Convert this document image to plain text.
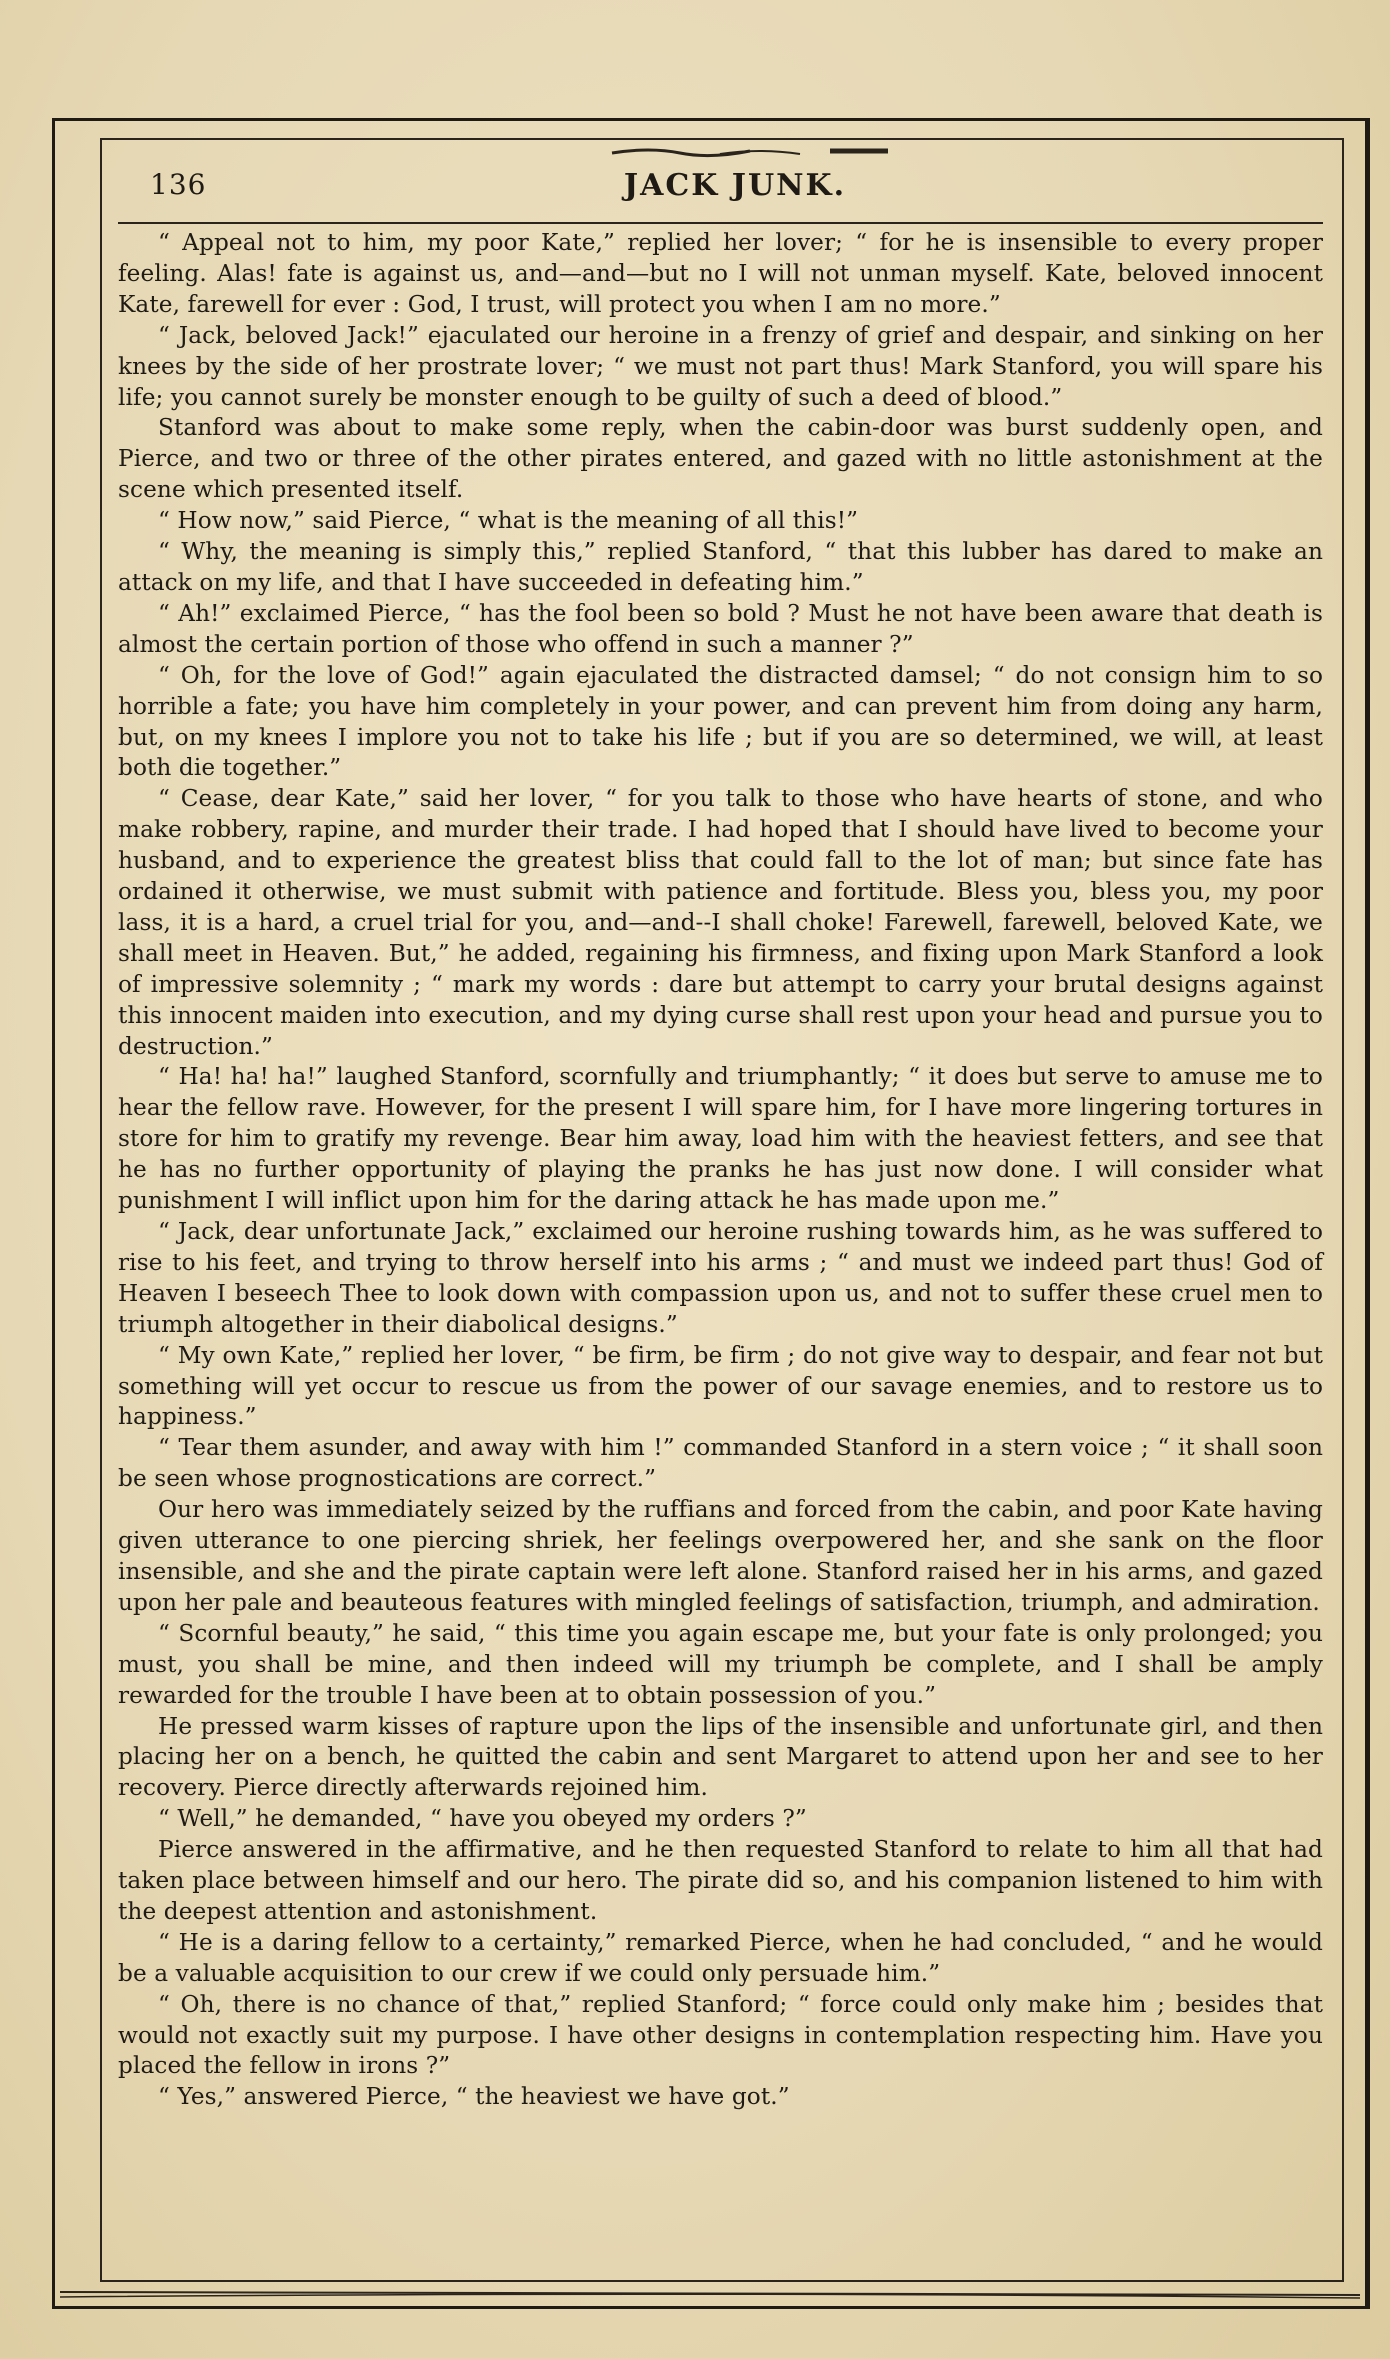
136	JACK JUNK.

“ Appeal not to him, my poor Kate,” replied her lover; “ for he is insensible to every proper feeling. Alas! fate is against us, and—and—but no I will not unman myself. Kate, beloved innocent Kate, farewell for ever : God, I trust, will protect you when I am no more.”

“ Jack, beloved Jack!” ejaculated our heroine in a frenzy of grief and despair, and sinking on her knees by the side of her prostrate lover; “ we must not part thus! Mark Stanford, you will spare his life; you cannot surely be monster enough to be guilty of such a deed of blood.”

Stanford was about to make some reply, when the cabin-door was burst suddenly open, and Pierce, and two or three of the other pirates entered, and gazed with no little astonishment at the scene which presented itself.

“ How now,” said Pierce, “ what is the meaning of all this!”

“ Why, the meaning is simply this,” replied Stanford, “ that this lubber has dared to make an attack on my life, and that I have succeeded in defeating him.”

“ Ah!” exclaimed Pierce, “ has the fool been so bold ? Must he not have been aware that death is almost the certain portion of those who offend in such a manner ?”

“ Oh, for the love of God!” again ejaculated the distracted damsel; “ do not consign him to so horrible a fate; you have him completely in your power, and can prevent him from doing any harm, but, on my knees I implore you not to take his life ; but if you are so determined, we will, at least both die together.”

“ Cease, dear Kate,” said her lover, “ for you talk to those who have hearts of stone, and who make robbery, rapine, and murder their trade. I had hoped that I should have lived to become your husband, and to experience the greatest bliss that could fall to the lot of man; but since fate has ordained it otherwise, we must submit with patience and fortitude. Bless you, bless you, my poor lass, it is a hard, a cruel trial for you, and—and--I shall choke! Farewell, farewell, beloved Kate, we shall meet in Heaven. But,” he added, regaining his firmness, and fixing upon Mark Stanford a look of impressive solemnity ; “ mark my words : dare but attempt to carry your brutal designs against this innocent maiden into execution, and my dying curse shall rest upon your head and pursue you to destruction.”

“ Ha! ha! ha!” laughed Stanford, scornfully and triumphantly; “ it does but serve to amuse me to hear the fellow rave. However, for the present I will spare him, for I have more lingering tortures in store for him to gratify my revenge. Bear him away, load him with the heaviest fetters, and see that he has no further opportunity of playing the pranks he has just now done. I will consider what punishment I will inflict upon him for the daring attack he has made upon me.”

“ Jack, dear unfortunate Jack,” exclaimed our heroine rushing towards him, as he was suffered to rise to his feet, and trying to throw herself into his arms ; “ and must we indeed part thus! God of Heaven I beseech Thee to look down with compassion upon us, and not to suffer these cruel men to triumph altogether in their diabolical designs.”

“ My own Kate,” replied her lover, “ be firm, be firm ; do not give way to despair, and fear not but something will yet occur to rescue us from the power of our savage enemies, and to restore us to happiness.”

“ Tear them asunder, and away with him !” commanded Stanford in a stern voice ; “ it shall soon be seen whose prognostications are correct.”

Our hero was immediately seized by the ruffians and forced from the cabin, and poor Kate having given utterance to one piercing shriek, her feelings overpowered her, and she sank on the floor insensible, and she and the pirate captain were left alone. Stanford raised her in his arms, and gazed upon her pale and beauteous features with mingled feelings of satisfaction, triumph, and admiration.

“ Scornful beauty,” he said, “ this time you again escape me, but your fate is only prolonged; you must, you shall be mine, and then indeed will my triumph be complete, and I shall be amply rewarded for the trouble I have been at to obtain possession of you.”

He pressed warm kisses of rapture upon the lips of the insensible and unfortunate girl, and then placing her on a bench, he quitted the cabin and sent Margaret to attend upon her and see to her recovery. Pierce directly afterwards rejoined him.

“ Well,” he demanded, “ have you obeyed my orders ?”

Pierce answered in the affirmative, and he then requested Stanford to relate to him all that had taken place between himself and our hero. The pirate did so, and his companion listened to him with the deepest attention and astonishment.

“ He is a daring fellow to a certainty,” remarked Pierce, when he had concluded, “ and he would be a valuable acquisition to our crew if we could only persuade him.”

“ Oh, there is no chance of that,” replied Stanford; “ force could only make him ; besides that would not exactly suit my purpose. I have other designs in contemplation respecting him. Have you placed the fellow in irons ?”

“ Yes,” answered Pierce, “ the heaviest we have got.”
